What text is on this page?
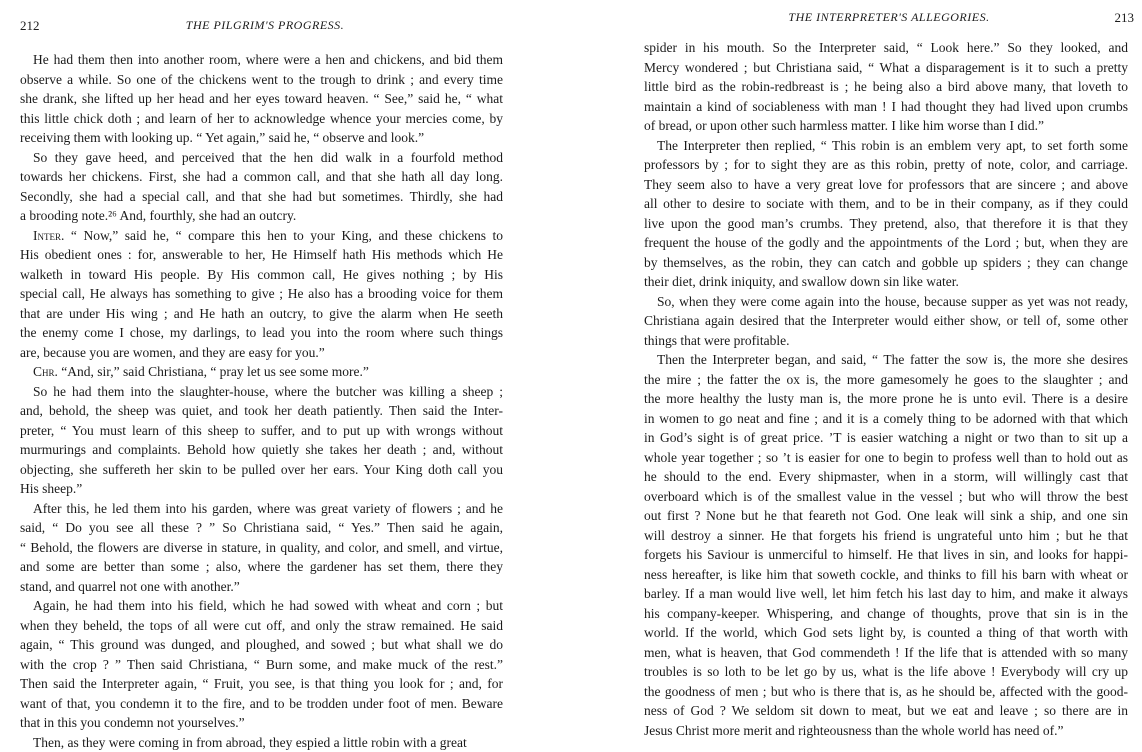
212	THE PILGRIM'S PROGRESS.

He had them then into another room, where were a hen and chickens, and bid them
observe a while. So one of the chickens went to the trough to drink ; and every time
she drank, she lifted up her head and her eyes toward heaven. “ See,” said he, “ what
this little chick doth ; and learn of her to acknowledge whence your mercies come, by
receiving them with looking up. “ Yet again,” said he, “ observe and look.”

So they gave heed, and perceived that the hen did walk in a fourfold method
towards her chickens. First, she had a common call, and that she hath all day long.
Secondly, she had a special call, and that she had but sometimes. Thirdly, she had
a brooding note.²⁶ And, fourthly, she had an outcry.

Inter. “ Now,” said he, “ compare this hen to your King, and these chickens to
His obedient ones : for, answerable to her, He Himself hath His methods which He
walketh in toward His people. By His common call, He gives nothing ; by His
special call, He always has something to give ; He also has a brooding voice for them
that are under His wing ; and He hath an outcry, to give the alarm when He seeth
the enemy come I chose, my darlings, to lead you into the room where such things
are, because you are women, and they are easy for you.”

Chr. “And, sir,” said Christiana, “ pray let us see some more.”

So he had them into the slaughter-house, where the butcher was killing a sheep ;
and, behold, the sheep was quiet, and took her death patiently. Then said the Inter-
preter, “ You must learn of this sheep to suffer, and to put up with wrongs without
murmurings and complaints. Behold how quietly she takes her death ; and, without
objecting, she suffereth her skin to be pulled over her ears. Your King doth call you
His sheep.”

After this, he led them into his garden, where was great variety of flowers ; and he
said, “ Do you see all these ? ” So Christiana said, “ Yes.” Then said he again,
“ Behold, the flowers are diverse in stature, in quality, and color, and smell, and virtue,
and some are better than some ; also, where the gardener has set them, there they
stand, and quarrel not one with another.”

Again, he had them into his field, which he had sowed with wheat and corn ; but
when they beheld, the tops of all were cut off, and only the straw remained. He said
again, “ This ground was dunged, and ploughed, and sowed ; but what shall we do
with the crop ? ” Then said Christiana, “ Burn some, and make muck of the rest.”
Then said the Interpreter again, “ Fruit, you see, is that thing you look for ; and, for
want of that, you condemn it to the fire, and to be trodden under foot of men. Beware
that in this you condemn not yourselves.”

Then, as they were coming in from abroad, they espied a little robin with a great

THE INTERPRETER'S ALLEGORIES.	213

spider in his mouth. So the Interpreter said, “ Look here.” So they looked, and
Mercy wondered ; but Christiana said, “ What a disparagement is it to such a pretty
little bird as the robin-redbreast is ; he being also a bird above many, that loveth to
maintain a kind of sociableness with man ! I had thought they had lived upon crumbs
of bread, or upon other such harmless matter. I like him worse than I did.”

The Interpreter then replied, “ This robin is an emblem very apt, to set forth some
professors by ; for to sight they are as this robin, pretty of note, color, and carriage.
They seem also to have a very great love for professors that are sincere ; and above
all other to desire to sociate with them, and to be in their company, as if they could
live upon the good man’s crumbs. They pretend, also, that therefore it is that they
frequent the house of the godly and the appointments of the Lord ; but, when they are
by themselves, as the robin, they can catch and gobble up spiders ; they can change
their diet, drink iniquity, and swallow down sin like water.

So, when they were come again into the house, because supper as yet was not ready,
Christiana again desired that the Interpreter would either show, or tell of, some other
things that were profitable.

Then the Interpreter began, and said, “ The fatter the sow is, the more she desires
the mire ; the fatter the ox is, the more gamesomely he goes to the slaughter ; and
the more healthy the lusty man is, the more prone he is unto evil. There is a desire
in women to go neat and fine ; and it is a comely thing to be adorned with that which
in God’s sight is of great price. ’T is easier watching a night or two than to sit up a
whole year together ; so ’t is easier for one to begin to profess well than to hold out as
he should to the end. Every shipmaster, when in a storm, will willingly cast that
overboard which is of the smallest value in the vessel ; but who will throw the best
out first ? None but he that feareth not God. One leak will sink a ship, and one sin
will destroy a sinner. He that forgets his friend is ungrateful unto him ; but he that
forgets his Saviour is unmerciful to himself. He that lives in sin, and looks for happi-
ness hereafter, is like him that soweth cockle, and thinks to fill his barn with wheat or
barley. If a man would live well, let him fetch his last day to him, and make it always
his company-keeper. Whispering, and change of thoughts, prove that sin is in the
world. If the world, which God sets light by, is counted a thing of that worth with
men, what is heaven, that God commendeth ! If the life that is attended with so many
troubles is so loth to be let go by us, what is the life above ! Everybody will cry up
the goodness of men ; but who is there that is, as he should be, affected with the good-
ness of God ? We seldom sit down to meat, but we eat and leave ; so there are in
Jesus Christ more merit and righteousness than the whole world has need of.”
